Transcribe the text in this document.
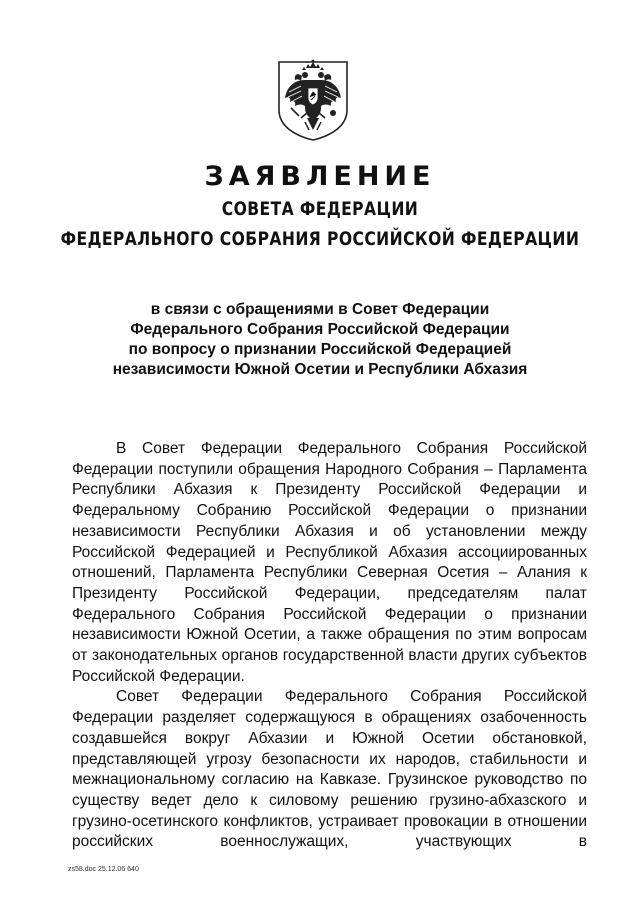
ЗАЯВЛЕНИЕ
СОВЕТА ФЕДЕРАЦИИ
ФЕДЕРАЛЬНОГО СОБРАНИЯ РОССИЙСКОЙ ФЕДЕРАЦИИ
в связи с обращениями в Совет Федерации
Федерального Собрания Российской Федерации
по вопросу о признании Российской Федерацией
независимости Южной Осетии и Республики Абхазия

В Совет Федерации Федерального Собрания Российской Федерации поступили обращения Народного Собрания – Парламента Республики Абхазия к Президенту Российской Федерации и Федеральному Собранию Российской Федерации о признании независимости Республики Абхазия и об установлении между Российской Федерацией и Республикой Абхазия ассоциированных отношений, Парламента Республики Северная Осетия – Алания к Президенту Российской Федерации, председателям палат Федерального Собрания Российской Федерации о признании независимости Южной Осетии, а также обращения по этим вопросам от законодательных органов государственной власти других субъектов Российской Федерации.

Совет Федерации Федерального Собрания Российской Федерации разделяет содержащуюся в обращениях озабоченность создавшейся вокруг Абхазии и Южной Осетии обстановкой, представляющей угрозу безопасности их народов, стабильности и межнациональному согласию на Кавказе. Грузинское руководство по существу ведет дело к силовому решению грузино-абхазского и грузино-осетинского конфликтов, устраивает провокации в отношении российских военнослужащих, участвующих в

zs58.doc 25.12.06 640
